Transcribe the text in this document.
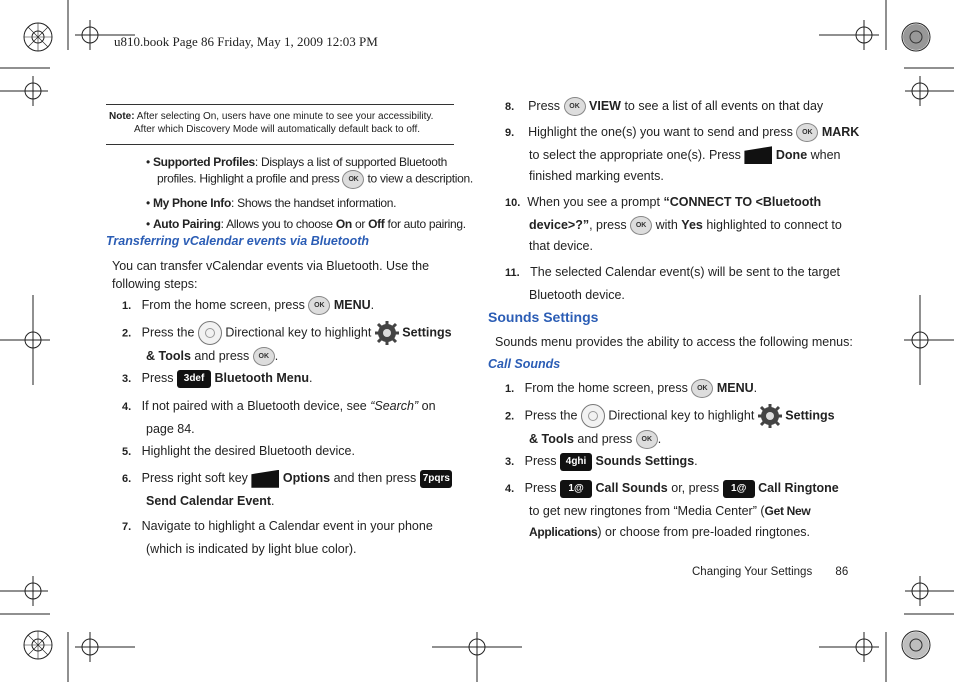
u810.book Page 86 Friday, May 1, 2009 12:03 PM
Note: After selecting On, users have one minute to see your accessibility.
After which Discovery Mode will automatically default back to off.
• Supported Profiles: Displays a list of supported Bluetooth
profiles. Highlight a profile and press OK to view a description.
• My Phone Info: Shows the handset information.
• Auto Pairing: Allows you to choose On or Off for auto pairing.
Transferring vCalendar events via Bluetooth
You can transfer vCalendar events via Bluetooth. Use the
following steps:
1. From the home screen, press OK MENU.
2. Press the Directional key to highlight Settings
& Tools and press OK .
3. Press 3def Bluetooth Menu.
4. If not paired with a Bluetooth device, see “Search” on
page 84.
5. Highlight the desired Bluetooth device.
6. Press right soft key	Options and then press 7pqrs
Send Calendar Event.
7. Navigate to highlight a Calendar event in your phone
(which is indicated by light blue color).
8. Press OK VIEW to see a list of all events on that day
9. Highlight the one(s) you want to send and press OK MARK
to select the appropriate one(s). Press	Done when
finished marking events.
10. When you see a prompt “CONNECT TO <Bluetooth
device>?”, press OK with Yes highlighted to connect to
that device.
11. The selected Calendar event(s) will be sent to the target
Bluetooth device.
Sounds Settings
Sounds menu provides the ability to access the following menus:
Call Sounds
1. From the home screen, press OK MENU.
2. Press the Directional key to highlight Settings
& Tools and press OK .
3. Press 4ghi Sounds Settings.
4. Press 1@ Call Sounds or, press 1@ Call Ringtone
to get new ringtones from “Media Center” (Get New
Applications) or choose from pre-loaded ringtones.
Changing Your Settings 86
